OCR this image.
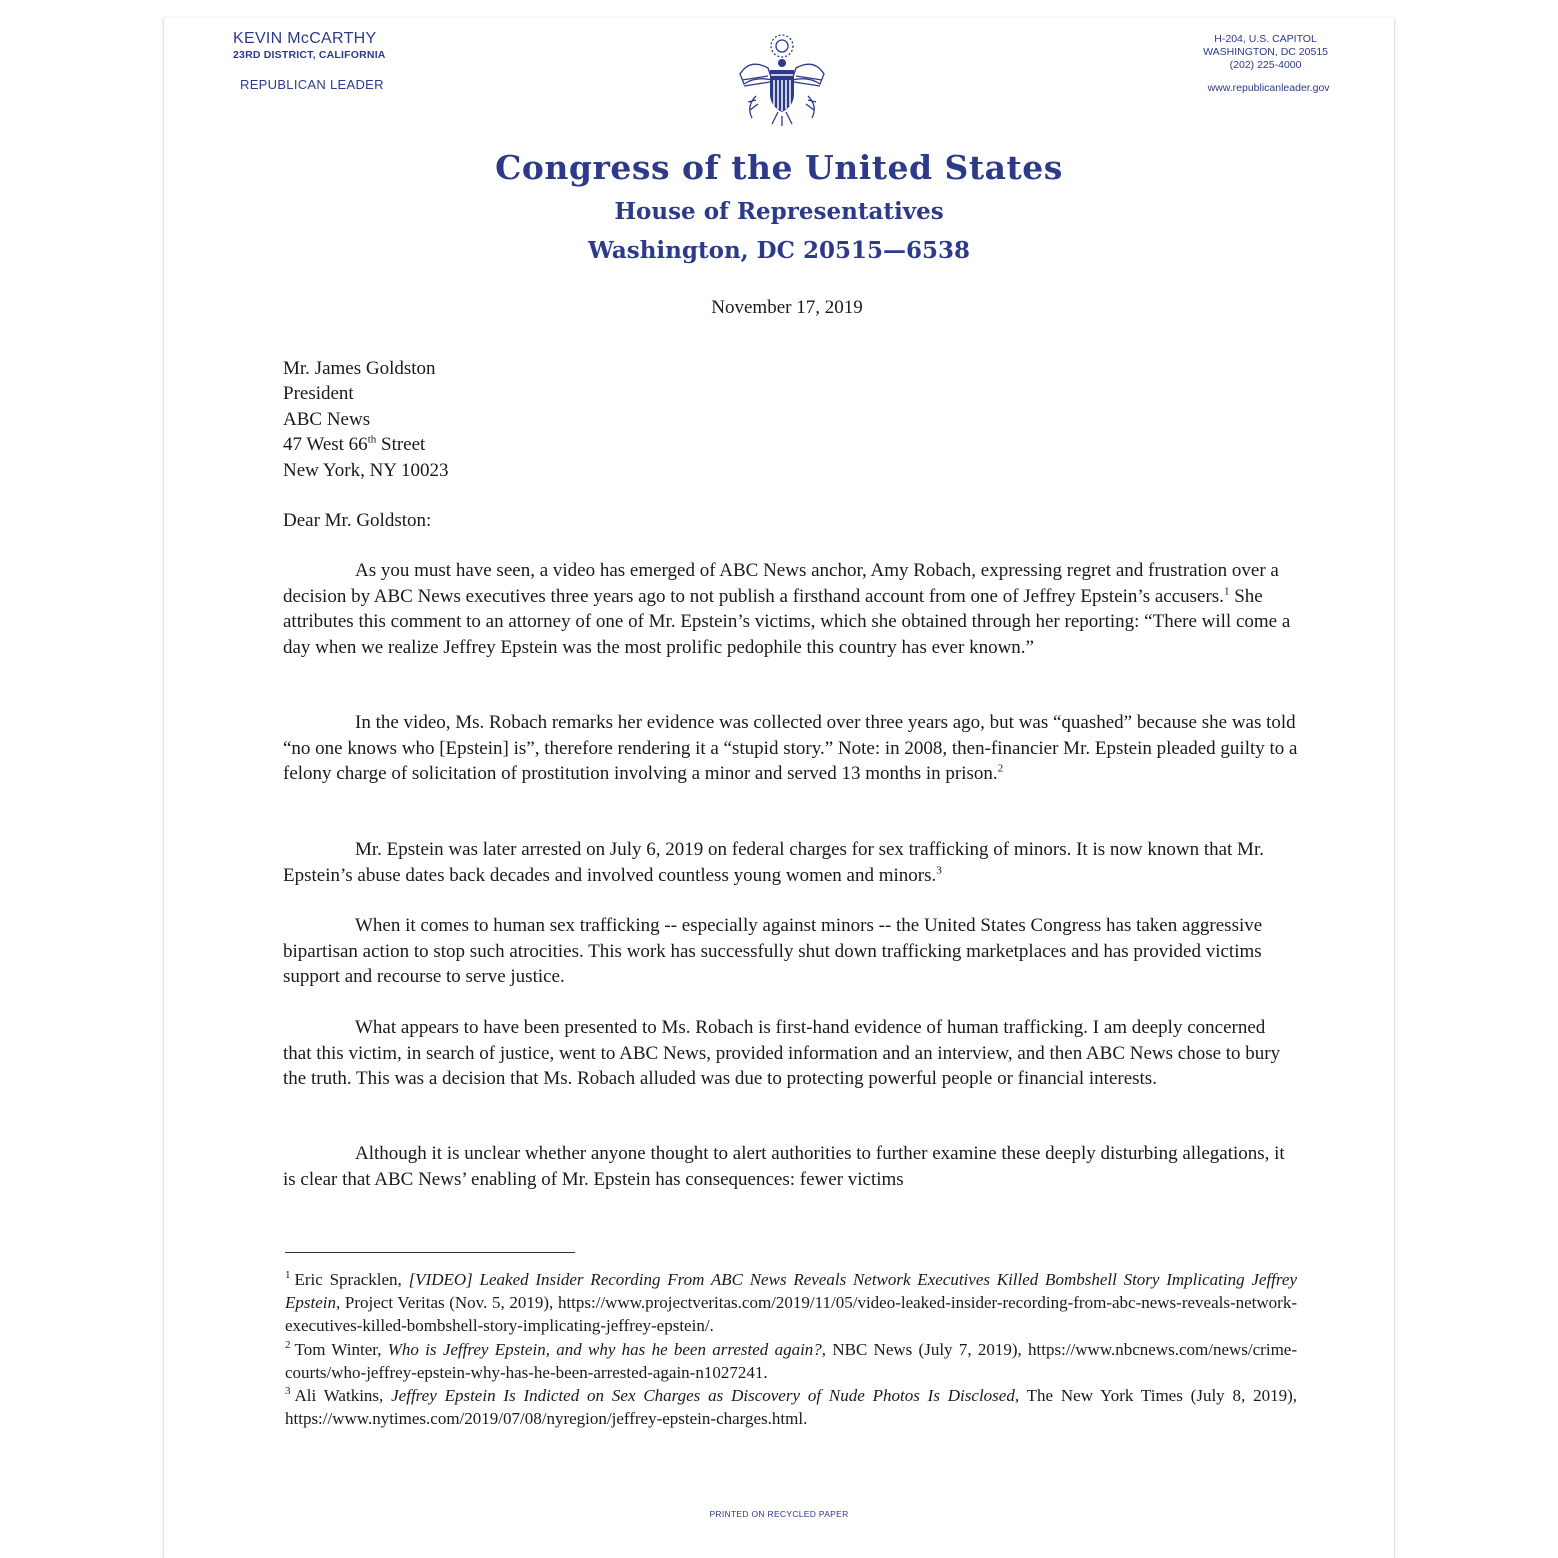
KEVIN McCARTHY
23RD DISTRICT, CALIFORNIA
REPUBLICAN LEADER
H-204, U.S. CAPITOL
WASHINGTON, DC 20515
(202) 225-4000
www.republicanleader.gov
Congress of the United States
House of Representatives
Washington, DC 20515—6538
November 17, 2019
Mr. James Goldston
President
ABC News
47 West 66th Street
New York, NY 10023
Dear Mr. Goldston:
As you must have seen, a video has emerged of ABC News anchor, Amy Robach, expressing regret and frustration over a decision by ABC News executives three years ago to not publish a firsthand account from one of Jeffrey Epstein’s accusers.$^1$ She attributes this comment to an attorney of one of Mr. Epstein’s victims, which she obtained through her reporting: “There will come a day when we realize Jeffrey Epstein was the most prolific pedophile this country has ever known.”
In the video, Ms. Robach remarks her evidence was collected over three years ago, but was “quashed” because she was told “no one knows who [Epstein] is”, therefore rendering it a “stupid story.” Note: in 2008, then-financier Mr. Epstein pleaded guilty to a felony charge of solicitation of prostitution involving a minor and served 13 months in prison.$^2$
Mr. Epstein was later arrested on July 6, 2019 on federal charges for sex trafficking of minors. It is now known that Mr. Epstein’s abuse dates back decades and involved countless young women and minors.$^3$
When it comes to human sex trafficking -- especially against minors -- the United States Congress has taken aggressive bipartisan action to stop such atrocities. This work has successfully shut down trafficking marketplaces and has provided victims support and recourse to serve justice.
What appears to have been presented to Ms. Robach is first-hand evidence of human trafficking. I am deeply concerned that this victim, in search of justice, went to ABC News, provided information and an interview, and then ABC News chose to bury the truth. This was a decision that Ms. Robach alluded was due to protecting powerful people or financial interests.
Although it is unclear whether anyone thought to alert authorities to further examine these deeply disturbing allegations, it is clear that ABC News’ enabling of Mr. Epstein has consequences: fewer victims
$^1$ Eric Spracklen, [VIDEO] Leaked Insider Recording From ABC News Reveals Network Executives Killed Bombshell Story Implicating Jeffrey Epstein, Project Veritas (Nov. 5, 2019), https://www.projectveritas.com/2019/11/05/video-leaked-insider-recording-from-abc-news-reveals-network-executives-killed-bombshell-story-implicating-jeffrey-epstein/.
$^2$ Tom Winter, Who is Jeffrey Epstein, and why has he been arrested again?, NBC News (July 7, 2019), https://www.nbcnews.com/news/crime-courts/who-jeffrey-epstein-why-has-he-been-arrested-again-n1027241.
$^3$ Ali Watkins, Jeffrey Epstein Is Indicted on Sex Charges as Discovery of Nude Photos Is Disclosed, The New York Times (July 8, 2019), https://www.nytimes.com/2019/07/08/nyregion/jeffrey-epstein-charges.html.
PRINTED ON RECYCLED PAPER
